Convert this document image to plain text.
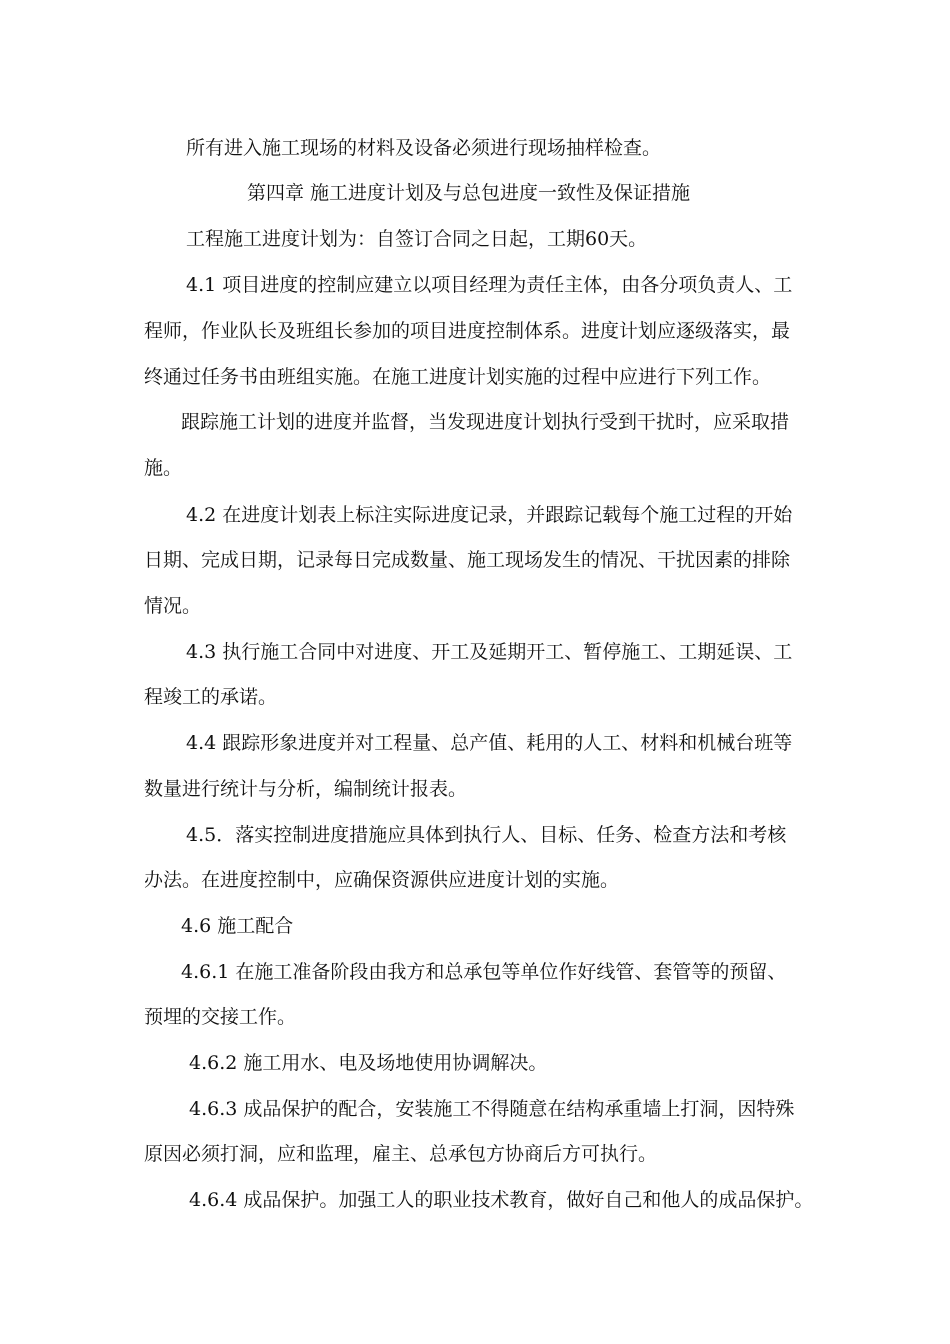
所有进入施工现场的材料及设备必须进行现场抽样检查。

第四章 施工进度计划及与总包进度一致性及保证措施

工程施工进度计划为：自签订合同之日起，工期60天。

4.1 项目进度的控制应建立以项目经理为责任主体，由各分项负责人、工

程师，作业队长及班组长参加的项目进度控制体系。进度计划应逐级落实，最

终通过任务书由班组实施。在施工进度计划实施的过程中应进行下列工作。

跟踪施工计划的进度并监督，当发现进度计划执行受到干扰时，应采取措

施。

4.2 在进度计划表上标注实际进度记录，并跟踪记载每个施工过程的开始

日期、完成日期，记录每日完成数量、施工现场发生的情况、干扰因素的排除

情况。

4.3 执行施工合同中对进度、开工及延期开工、暂停施工、工期延误、工

程竣工的承诺。

4.4 跟踪形象进度并对工程量、总产值、耗用的人工、材料和机械台班等

数量进行统计与分析，编制统计报表。

4.5．落实控制进度措施应具体到执行人、目标、任务、检查方法和考核

办法。在进度控制中，应确保资源供应进度计划的实施。

4.6 施工配合

4.6.1 在施工准备阶段由我方和总承包等单位作好线管、套管等的预留、

预埋的交接工作。

4.6.2 施工用水、电及场地使用协调解决。

4.6.3 成品保护的配合，安装施工不得随意在结构承重墙上打洞，因特殊

原因必须打洞，应和监理，雇主、总承包方协商后方可执行。

4.6.4 成品保护。加强工人的职业技术教育，做好自己和他人的成品保护。
